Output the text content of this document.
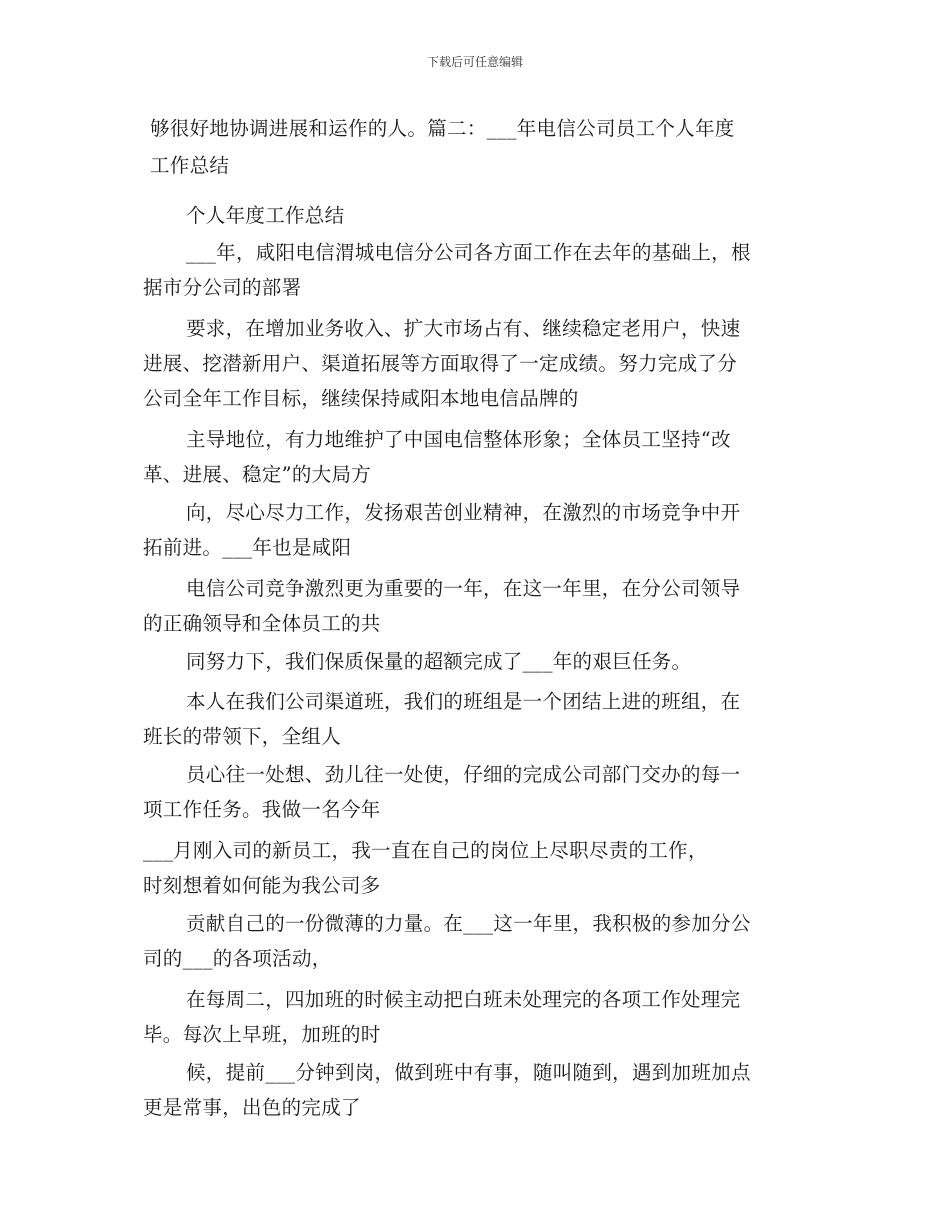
下载后可任意编辑
够很好地协调进展和运作的人。篇二：___年电信公司员工个人年度
工作总结
个人年度工作总结
___年，咸阳电信渭城电信分公司各方面工作在去年的基础上，根
据市分公司的部署
要求，在增加业务收入、扩大市场占有、继续稳定老用户，快速
进展、挖潜新用户、渠道拓展等方面取得了一定成绩。努力完成了分
公司全年工作目标，继续保持咸阳本地电信品牌的
主导地位，有力地维护了中国电信整体形象；全体员工坚持“改
革、进展、稳定”的大局方
向，尽心尽力工作，发扬艰苦创业精神，在激烈的市场竞争中开
拓前进。___年也是咸阳
电信公司竞争激烈更为重要的一年，在这一年里，在分公司领导
的正确领导和全体员工的共
同努力下，我们保质保量的超额完成了___年的艰巨任务。
本人在我们公司渠道班，我们的班组是一个团结上进的班组，在
班长的带领下，全组人
员心往一处想、劲儿往一处使，仔细的完成公司部门交办的每一
项工作任务。我做一名今年
___月刚入司的新员工，我一直在自己的岗位上尽职尽责的工作，
时刻想着如何能为我公司多
贡献自己的一份微薄的力量。在___这一年里，我积极的参加分公
司的___的各项活动，
在每周二，四加班的时候主动把白班未处理完的各项工作处理完
毕。每次上早班，加班的时
候，提前___分钟到岗，做到班中有事，随叫随到，遇到加班加点
更是常事，出色的完成了
